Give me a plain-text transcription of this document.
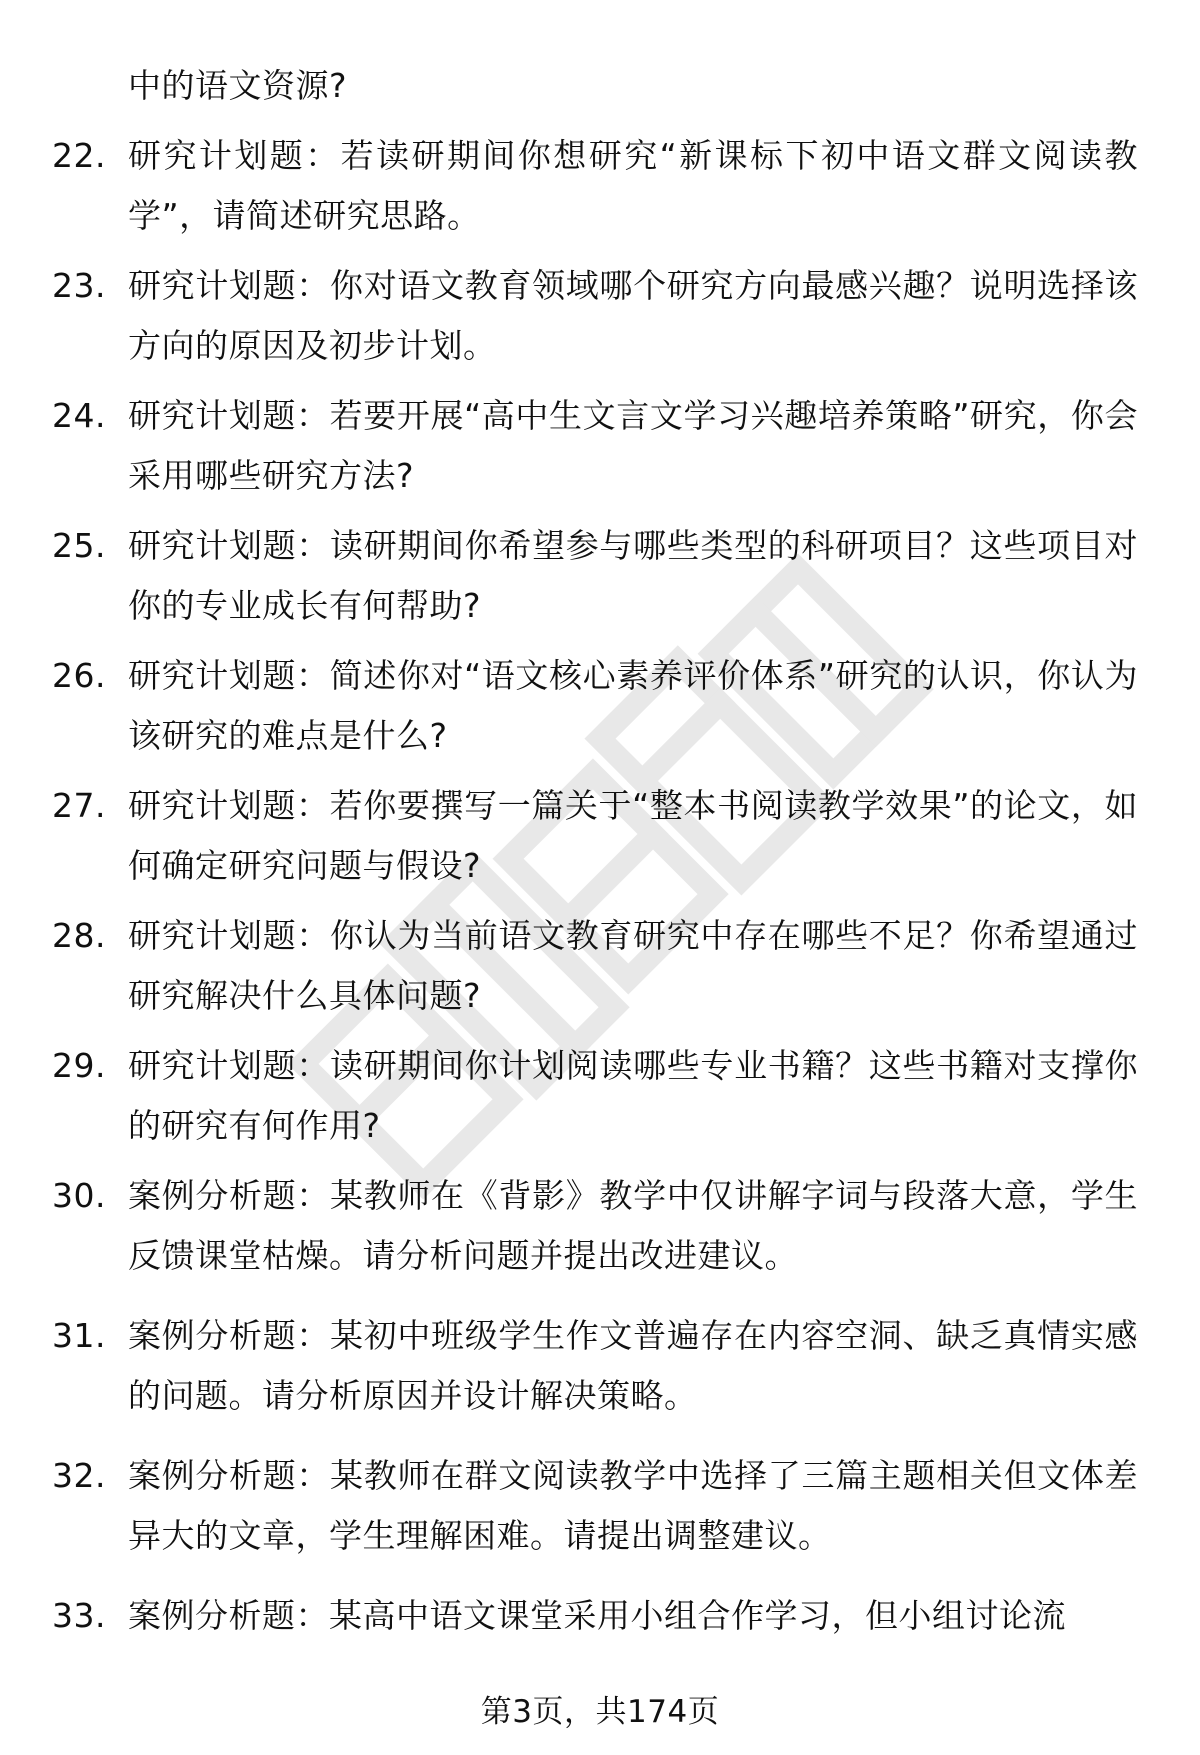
中的语文资源?
22. 研究计划题：若读研期间你想研究“新课标下初中语文群文阅读教学”，请简述研究思路。
23. 研究计划题：你对语文教育领域哪个研究方向最感兴趣？说明选择该方向的原因及初步计划。
24. 研究计划题：若要开展“高中生文言文学习兴趣培养策略”研究，你会采用哪些研究方法?
25. 研究计划题：读研期间你希望参与哪些类型的科研项目？这些项目对你的专业成长有何帮助?
26. 研究计划题：简述你对“语文核心素养评价体系”研究的认识，你认为该研究的难点是什么?
27. 研究计划题：若你要撰写一篇关于“整本书阅读教学效果”的论文，如何确定研究问题与假设?
28. 研究计划题：你认为当前语文教育研究中存在哪些不足？你希望通过研究解决什么具体问题?
29. 研究计划题：读研期间你计划阅读哪些专业书籍？这些书籍对支撑你的研究有何作用?
30. 案例分析题：某教师在《背影》教学中仅讲解字词与段落大意，学生反馈课堂枯燥。请分析问题并提出改进建议。
31. 案例分析题：某初中班级学生作文普遍存在内容空洞、缺乏真情实感的问题。请分析原因并设计解决策略。
32. 案例分析题：某教师在群文阅读教学中选择了三篇主题相关但文体差异大的文章，学生理解困难。请提出调整建议。
33. 案例分析题：某高中语文课堂采用小组合作学习，但小组讨论流
第3页，共174页
